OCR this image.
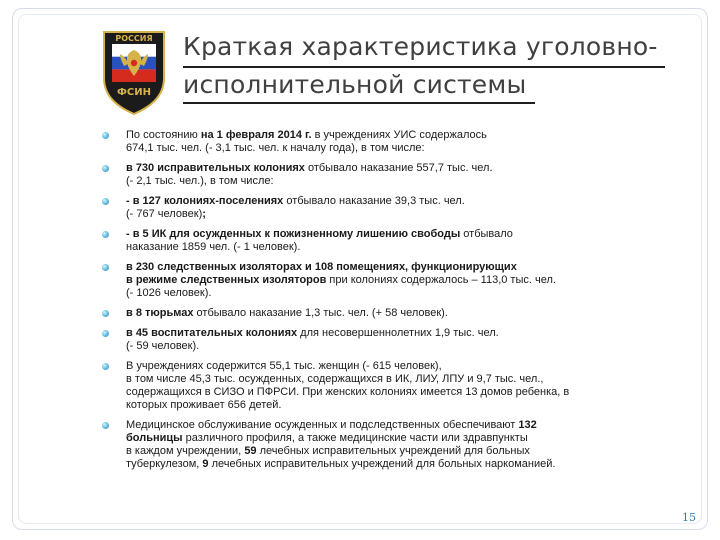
РОССИЯ
ФСИН
Краткая характеристика уголовно-
исполнительной системы
По состоянию на 1 февраля 2014 г. в учреждениях УИС содержалось
674,1 тыс. чел. (- 3,1 тыс. чел. к началу года), в том числе:
в 730 исправительных колониях отбывало наказание 557,7 тыс. чел.
(- 2,1 тыс. чел.), в том числе:
- в 127 колониях-поселениях отбывало наказание 39,3 тыс. чел.
(- 767 человек);
- в 5 ИК для осужденных к пожизненному лишению свободы отбывало
наказание 1859 чел. (- 1 человек).
в 230 следственных изоляторах и 108 помещениях, функционирующих
в режиме следственных изоляторов при колониях содержалось – 113,0 тыс. чел.
(- 1026 человек).
в 8 тюрьмах отбывало наказание 1,3 тыс. чел. (+ 58 человек).
в 45 воспитательных колониях для несовершеннолетних 1,9 тыс. чел.
(- 59 человек).
В учреждениях содержится 55,1 тыс. женщин (- 615 человек),
в том числе 45,3 тыс. осужденных, содержащихся в ИК, ЛИУ, ЛПУ и 9,7 тыс. чел.,
содержащихся в СИЗО и ПФРСИ. При женских колониях имеется 13 домов ребенка, в
которых проживает 656 детей.
Медицинское обслуживание осужденных и подследственных обеспечивают 132
больницы различного профиля, а также медицинские части или здравпункты
в каждом учреждении, 59 лечебных исправительных учреждений для больных
туберкулезом, 9 лечебных исправительных учреждений для больных наркоманией.
15
